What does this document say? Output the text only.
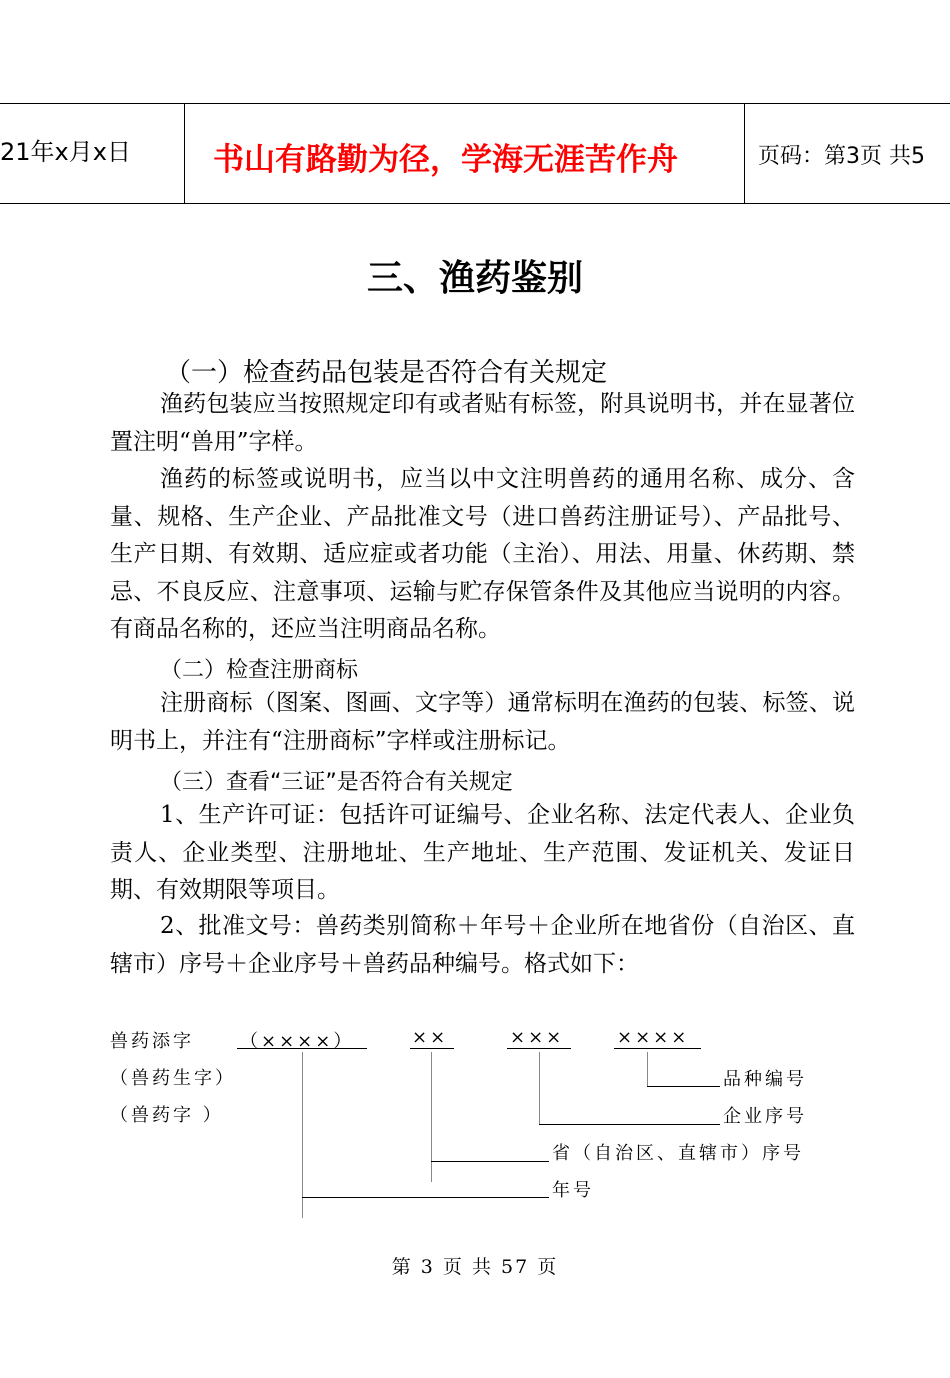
21年x月x日	书山有路勤为径，学海无涯苦作舟	页码：第3页 共5
三、渔药鉴别
（一）检查药品包装是否符合有关规定
渔药包装应当按照规定印有或者贴有标签，附具说明书，并在显著位置注明“兽用”字样。
渔药的标签或说明书，应当以中文注明兽药的通用名称、成分、含量、规格、生产企业、产品批准文号（进口兽药注册证号）、产品批号、生产日期、有效期、适应症或者功能（主治）、用法、用量、休药期、禁忌、不良反应、注意事项、运输与贮存保管条件及其他应当说明的内容。有商品名称的，还应当注明商品名称。
（二）检查注册商标
注册商标（图案、图画、文字等）通常标明在渔药的包装、标签、说明书上，并注有“注册商标”字样或注册标记。
（三）查看“三证”是否符合有关规定
1、生产许可证：包括许可证编号、企业名称、法定代表人、企业负责人、企业类型、注册地址、生产地址、生产范围、发证机关、发证日期、有效期限等项目。
2、批准文号：兽药类别简称＋年号＋企业所在地省份（自治区、直辖市）序号＋企业序号＋兽药品种编号。格式如下：
兽药添字
（兽药生字）
（兽药字 ）
（××××）	××	×××	××××
品种编号
企业序号
省（自治区、直辖市）序号
年号
第 3 页 共 57 页
